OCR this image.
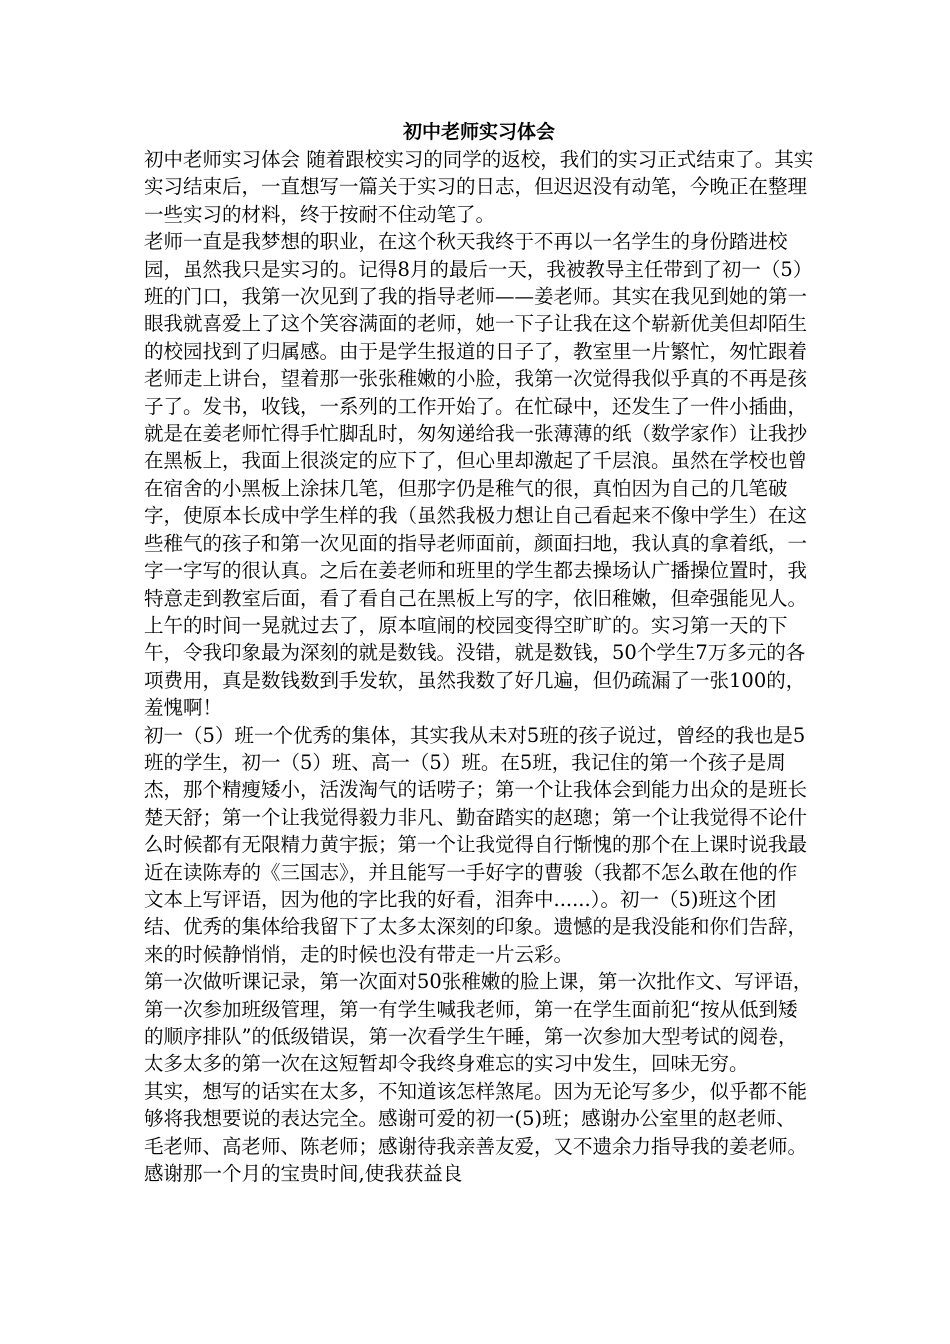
初中老师实习体会

初中老师实习体会 随着跟校实习的同学的返校，我们的实习正式结束了。其实实习结束后，一直想写一篇关于实习的日志，但迟迟没有动笔，今晚正在整理一些实习的材料，终于按耐不住动笔了。

老师一直是我梦想的职业，在这个秋天我终于不再以一名学生的身份踏进校园，虽然我只是实习的。记得8月的最后一天，我被教导主任带到了初一（5）班的门口，我第一次见到了我的指导老师——姜老师。其实在我见到她的第一眼我就喜爱上了这个笑容满面的老师，她一下子让我在这个崭新优美但却陌生的校园找到了归属感。由于是学生报道的日子了，教室里一片繁忙，匆忙跟着老师走上讲台，望着那一张张稚嫩的小脸，我第一次觉得我似乎真的不再是孩子了。发书，收钱，一系列的工作开始了。在忙碌中，还发生了一件小插曲，就是在姜老师忙得手忙脚乱时，匆匆递给我一张薄薄的纸（数学家作）让我抄在黑板上，我面上很淡定的应下了，但心里却激起了千层浪。虽然在学校也曾在宿舍的小黑板上涂抹几笔，但那字仍是稚气的很，真怕因为自己的几笔破字，使原本长成中学生样的我（虽然我极力想让自己看起来不像中学生）在这些稚气的孩子和第一次见面的指导老师面前，颜面扫地，我认真的拿着纸，一字一字写的很认真。之后在姜老师和班里的学生都去操场认广播操位置时，我特意走到教室后面，看了看自己在黑板上写的字，依旧稚嫩，但牵强能见人。上午的时间一晃就过去了，原本喧闹的校园变得空旷旷的。实习第一天的下午，令我印象最为深刻的就是数钱。没错，就是数钱，50个学生7万多元的各项费用，真是数钱数到手发软，虽然我数了好几遍，但仍疏漏了一张100的，羞愧啊！

初一（5）班一个优秀的集体，其实我从未对5班的孩子说过，曾经的我也是5班的学生，初一（5）班、高一（5）班。在5班，我记住的第一个孩子是周杰，那个精瘦矮小，活泼淘气的话唠子；第一个让我体会到能力出众的是班长楚天舒；第一个让我觉得毅力非凡、勤奋踏实的赵璁；第一个让我觉得不论什么时候都有无限精力黄宇振；第一个让我觉得自行惭愧的那个在上课时说我最近在读陈寿的《三国志》，并且能写一手好字的曹骏（我都不怎么敢在他的作文本上写评语，因为他的字比我的好看，泪奔中......）。初一（5)班这个团结、优秀的集体给我留下了太多太深刻的印象。遗憾的是我没能和你们告辞，来的时候静悄悄，走的时候也没有带走一片云彩。

第一次做听课记录，第一次面对50张稚嫩的脸上课，第一次批作文、写评语，第一次参加班级管理，第一有学生喊我老师，第一在学生面前犯“按从低到矮的顺序排队”的低级错误，第一次看学生午睡，第一次参加大型考试的阅卷，太多太多的第一次在这短暂却令我终身难忘的实习中发生，回味无穷。

其实，想写的话实在太多，不知道该怎样煞尾。因为无论写多少，似乎都不能够将我想要说的表达完全。感谢可爱的初一(5)班；感谢办公室里的赵老师、毛老师、高老师、陈老师；感谢待我亲善友爱，又不遗余力指导我的姜老师。感谢那一个月的宝贵时间,使我获益良
